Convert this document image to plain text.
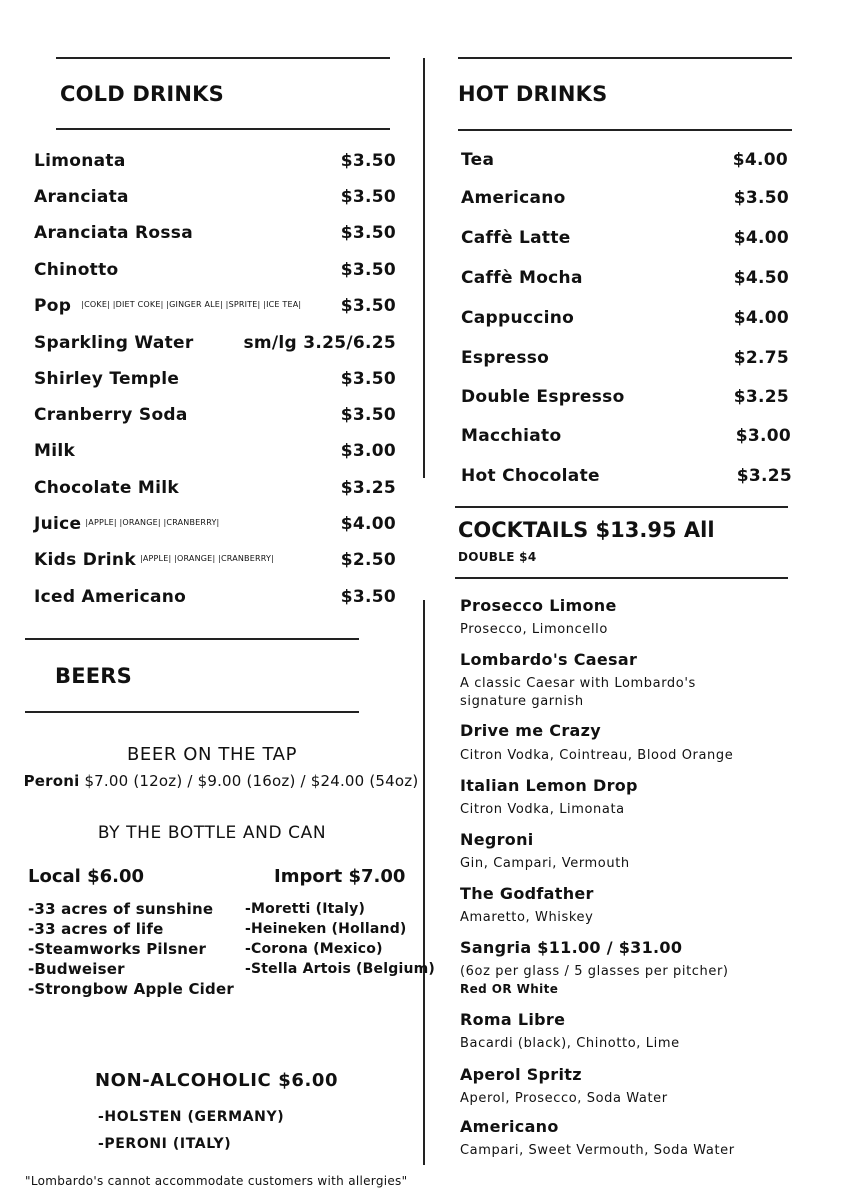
COLD DRINKS
Limonata	$3.50
Aranciata	$3.50
Aranciata Rossa	$3.50
Chinotto	$3.50
Pop $^{|COKE| |DIET COKE| |GINGER ALE| |SPRITE| |ICE TEA|}$ $3.50
Sparkling Water	sm/lg 3.25/6.25
Shirley Temple	$3.50
Cranberry Soda	$3.50
Milk	$3.00
Chocolate Milk	$3.25
Juice $^{|APPLE| |ORANGE| |CRANBERRY|}$	$4.00
Kids Drink $^{|APPLE| |ORANGE| |CRANBERRY|}$	$2.50
Iced Americano	$3.50
HOT DRINKS
Tea	$4.00
Americano	$3.50
Caffè Latte	$4.00
Caffè Mocha	$4.50
Cappuccino	$4.00
Espresso	$2.75
Double Espresso	$3.25
Macchiato	$3.00
Hot Chocolate	$3.25
COCKTAILS $13.95 All
DOUBLE $4
Prosecco Limone
Prosecco, Limoncello
Lombardo's Caesar
A classic Caesar with Lombardo's signature garnish
Drive me Crazy
Citron Vodka, Cointreau, Blood Orange
Italian Lemon Drop
Citron Vodka, Limonata
Negroni
Gin, Campari, Vermouth
The Godfather
Amaretto, Whiskey
Sangria $11.00 / $31.00
(6oz per glass / 5 glasses per pitcher)
Red OR White
Roma Libre
Bacardi (black), Chinotto, Lime
Aperol Spritz
Aperol, Prosecco, Soda Water
Americano
Campari, Sweet Vermouth, Soda Water
BEERS
BEER ON THE TAP
Peroni $7.00 (12oz) / $9.00 (16oz) / $24.00 (54oz)
BY THE BOTTLE AND CAN
Local $6.00	Import $7.00
-33 acres of sunshine
-33 acres of life
-Steamworks Pilsner
-Budweiser
-Strongbow Apple Cider
-Moretti (Italy)
-Heineken (Holland)
-Corona (Mexico)
-Stella Artois (Belgium)
NON-ALCOHOLIC $6.00
-HOLSTEN (GERMANY)
-PERONI (ITALY)
"Lombardo's cannot accommodate customers with allergies"
